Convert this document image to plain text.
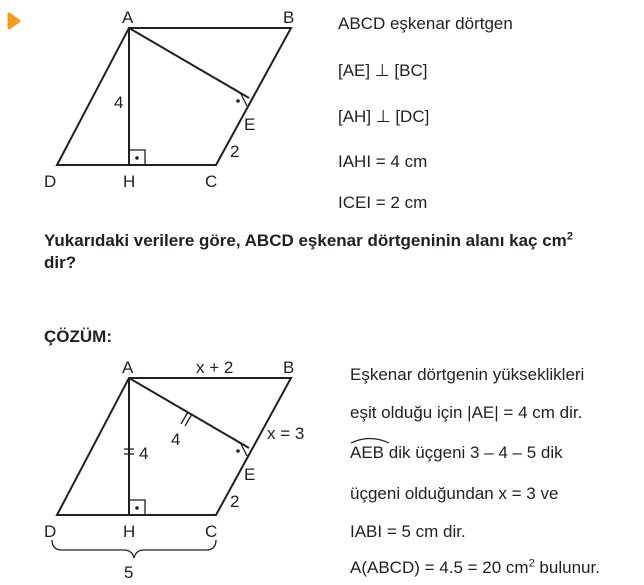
A	B
C
D	H
E
4
2
ABCD eşkenar dörtgen
[AE] ⊥ [BC]
[AH] ⊥ [DC]
IAHI = 4 cm
ICEI = 2 cm
Yukarıdaki verilere göre, ABCD eşkenar dörtgeninin alanı kaç $cm^2$
dir?
ÇÖZÜM:
A	B
C
D	H
E
x + 2
x = 3
4
4
2
5
Eşkenar dörtgenin yükseklikleri
eşit olduğu için |AE| = 4 cm dir.
AEB dik üçgeni 3 – 4 – 5 dik
üçgeni olduğundan x = 3 ve
IABI = 5 cm dir.
A(ABCD) = 4.5 = 20 $cm^2$ bulunur.
